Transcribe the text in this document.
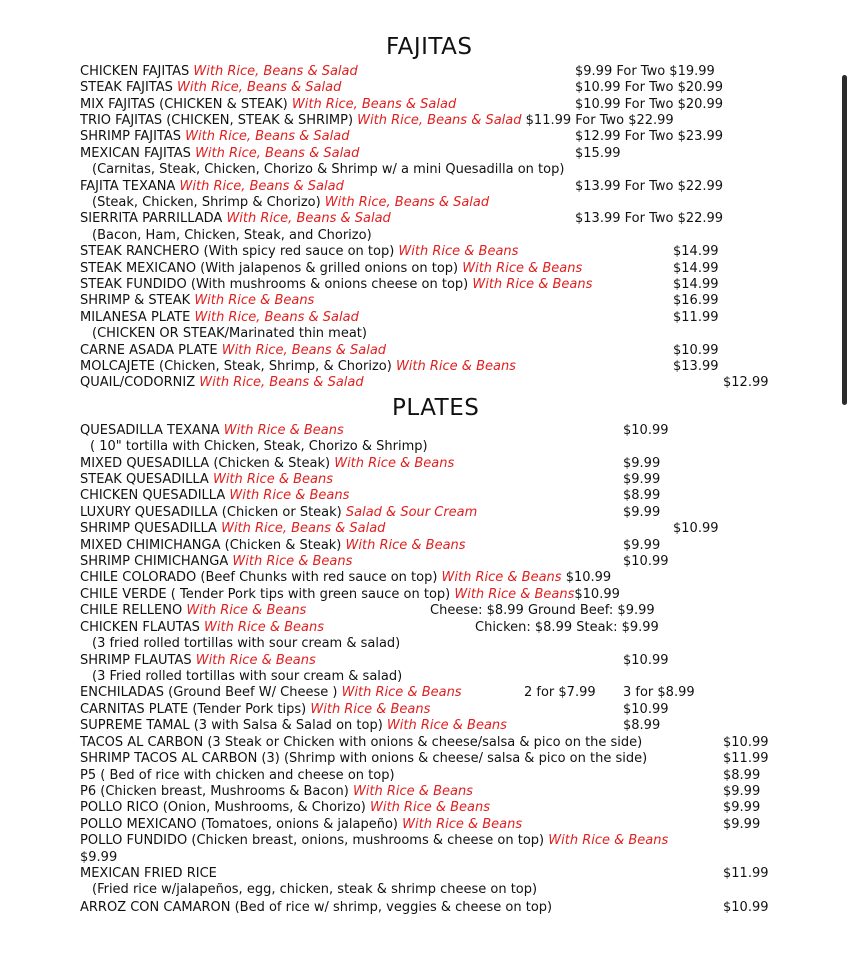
FAJITAS
PLATES
CHICKEN FAJITAS With Rice, Beans & Salad	$9.99 For Two $19.99
STEAK FAJITAS With Rice, Beans & Salad	$10.99 For Two $20.99
MIX FAJITAS (CHICKEN & STEAK) With Rice, Beans & Salad	$10.99 For Two $20.99
TRIO FAJITAS (CHICKEN, STEAK & SHRIMP) With Rice, Beans & Salad $11.99 For Two $22.99
SHRIMP FAJITAS With Rice, Beans & Salad	$12.99 For Two $23.99
MEXICAN FAJITAS With Rice, Beans & Salad	$15.99
(Carnitas, Steak, Chicken, Chorizo & Shrimp w/ a mini Quesadilla on top)
FAJITA TEXANA With Rice, Beans & Salad	$13.99 For Two $22.99
(Steak, Chicken, Shrimp & Chorizo) With Rice, Beans & Salad
SIERRITA PARRILLADA With Rice, Beans & Salad	$13.99 For Two $22.99
(Bacon, Ham, Chicken, Steak, and Chorizo)
STEAK RANCHERO (With spicy red sauce on top) With Rice & Beans	$14.99
STEAK MEXICANO (With jalapenos & grilled onions on top) With Rice & Beans	$14.99
STEAK FUNDIDO (With mushrooms & onions cheese on top) With Rice & Beans	$14.99
SHRIMP & STEAK With Rice & Beans	$16.99
MILANESA PLATE With Rice, Beans & Salad	$11.99
(CHICKEN OR STEAK/Marinated thin meat)
CARNE ASADA PLATE With Rice, Beans & Salad	$10.99
MOLCAJETE (Chicken, Steak, Shrimp, & Chorizo) With Rice & Beans	$13.99
QUAIL/CODORNIZ With Rice, Beans & Salad	$12.99
QUESADILLA TEXANA With Rice & Beans	$10.99
( 10" tortilla with Chicken, Steak, Chorizo & Shrimp)
MIXED QUESADILLA (Chicken & Steak) With Rice & Beans	$9.99
STEAK QUESADILLA With Rice & Beans	$9.99
CHICKEN QUESADILLA With Rice & Beans	$8.99
LUXURY QUESADILLA (Chicken or Steak) Salad & Sour Cream	$9.99
SHRIMP QUESADILLA With Rice, Beans & Salad	$10.99
MIXED CHIMICHANGA (Chicken & Steak) With Rice & Beans	$9.99
SHRIMP CHIMICHANGA With Rice & Beans	$10.99
CHILE COLORADO (Beef Chunks with red sauce on top) With Rice & Beans $10.99
CHILE VERDE ( Tender Pork tips with green sauce on top) With Rice & Beans$10.99
CHILE RELLENO With Rice & Beans	Cheese: $8.99 Ground Beef: $9.99
CHICKEN FLAUTAS With Rice & Beans	Chicken: $8.99 Steak: $9.99
(3 fried rolled tortillas with sour cream & salad)
SHRIMP FLAUTAS With Rice & Beans	$10.99
(3 Fried rolled tortillas with sour cream & salad)
ENCHILADAS (Ground Beef W/ Cheese ) With Rice & Beans	2 for $7.99 3 for $8.99
CARNITAS PLATE (Tender Pork tips) With Rice & Beans	$10.99
SUPREME TAMAL (3 with Salsa & Salad on top) With Rice & Beans	$8.99
TACOS AL CARBON (3 Steak or Chicken with onions & cheese/salsa & pico on the side)	$10.99
SHRIMP TACOS AL CARBON (3) (Shrimp with onions & cheese/ salsa & pico on the side)	$11.99
P5 ( Bed of rice with chicken and cheese on top)	$8.99
P6 (Chicken breast, Mushrooms & Bacon) With Rice & Beans	$9.99
POLLO RICO (Onion, Mushrooms, & Chorizo) With Rice & Beans	$9.99
POLLO MEXICANO (Tomatoes, onions & jalapeño) With Rice & Beans	$9.99
POLLO FUNDIDO (Chicken breast, onions, mushrooms & cheese on top) With Rice & Beans
$9.99
MEXICAN FRIED RICE	$11.99
(Fried rice w/jalapeños, egg, chicken, steak & shrimp cheese on top)
ARROZ CON CAMARON (Bed of rice w/ shrimp, veggies & cheese on top)	$10.99
